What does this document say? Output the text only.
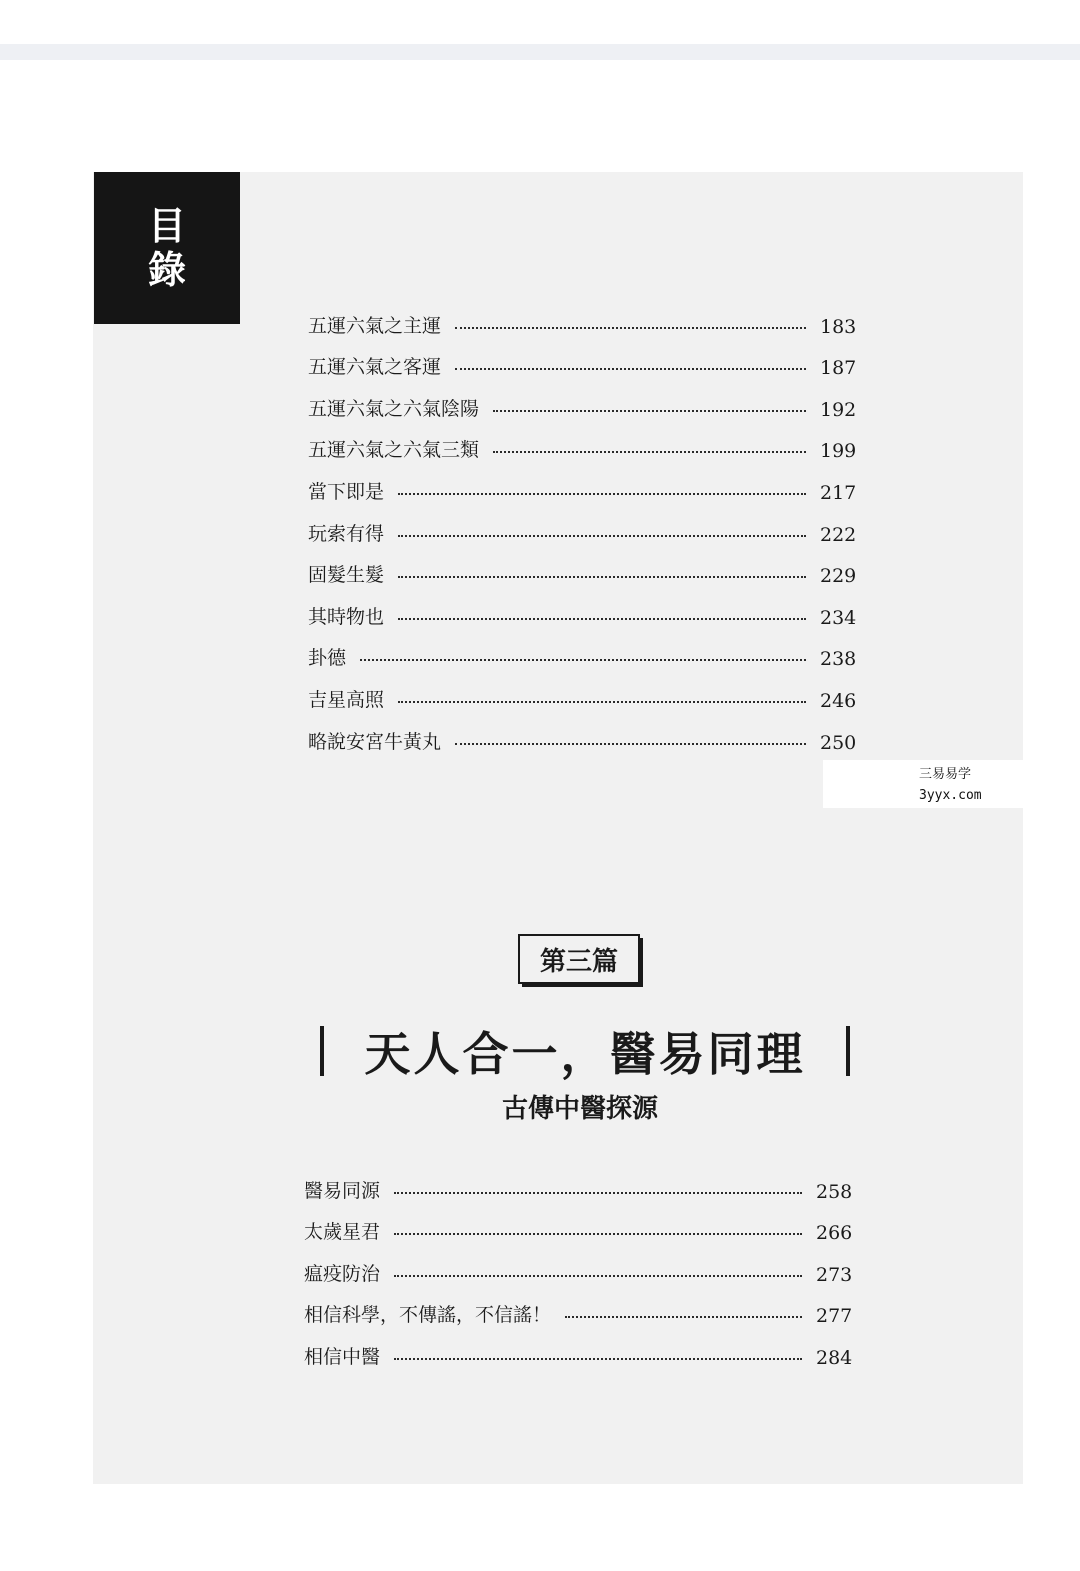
目
錄
五運六氣之主運	183
五運六氣之客運	187
五運六氣之六氣陰陽	192
五運六氣之六氣三類	199
當下即是	217
玩索有得	222
固髮生髮	229
其時物也	234
卦德	238
吉星高照	246
略說安宮牛黃丸	250
三易易学
3yyx.com
第三篇
天人合一，醫易同理
古傳中醫探源
醫易同源	258
太歲星君	266
瘟疫防治	273
相信科學，不傳謠，不信謠！	277
相信中醫	284
